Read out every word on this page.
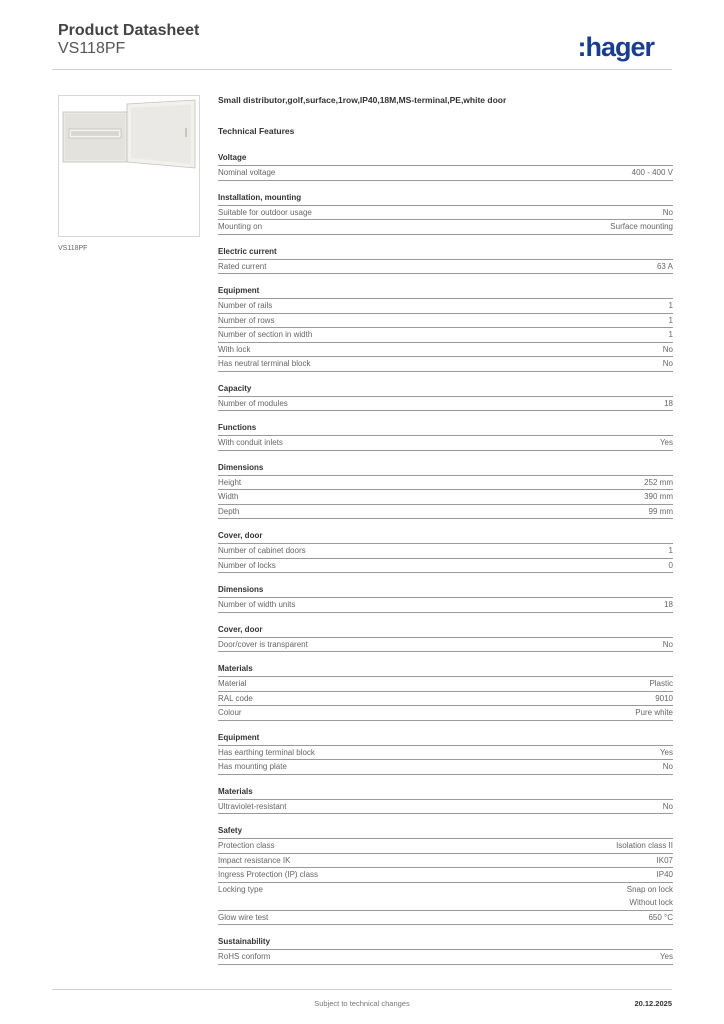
Product Datasheet
VS118PF	:hager
VS118PF
Small distributor,golf,surface,1row,IP40,18M,MS-terminal,PE,white door
Technical Features
Voltage
Nominal voltage	400 - 400 V
Installation, mounting
Suitable for outdoor usage	No
Mounting on	Surface mounting
Electric current
Rated current	63 A
Equipment
Number of rails	1
Number of rows	1
Number of section in width	1
With lock	No
Has neutral terminal block	No
Capacity
Number of modules	18
Functions
With conduit inlets	Yes
Dimensions
Height	252 mm
Width	390 mm
Depth	99 mm
Cover, door
Number of cabinet doors	1
Number of locks	0
Dimensions
Number of width units	18
Cover, door
Door/cover is transparent	No
Materials
Material	Plastic
RAL code	9010
Colour	Pure white
Equipment
Has earthing terminal block	Yes
Has mounting plate	No
Materials
Ultraviolet-resistant	No
Safety
Protection class	Isolation class II
Impact resistance IK	IK07
Ingress Protection (IP) class	IP40
Locking type	Snap on lock
Without lock
Glow wire test	650 °C
Sustainability
RoHS conform	Yes
Subject to technical changes	20.12.2025
